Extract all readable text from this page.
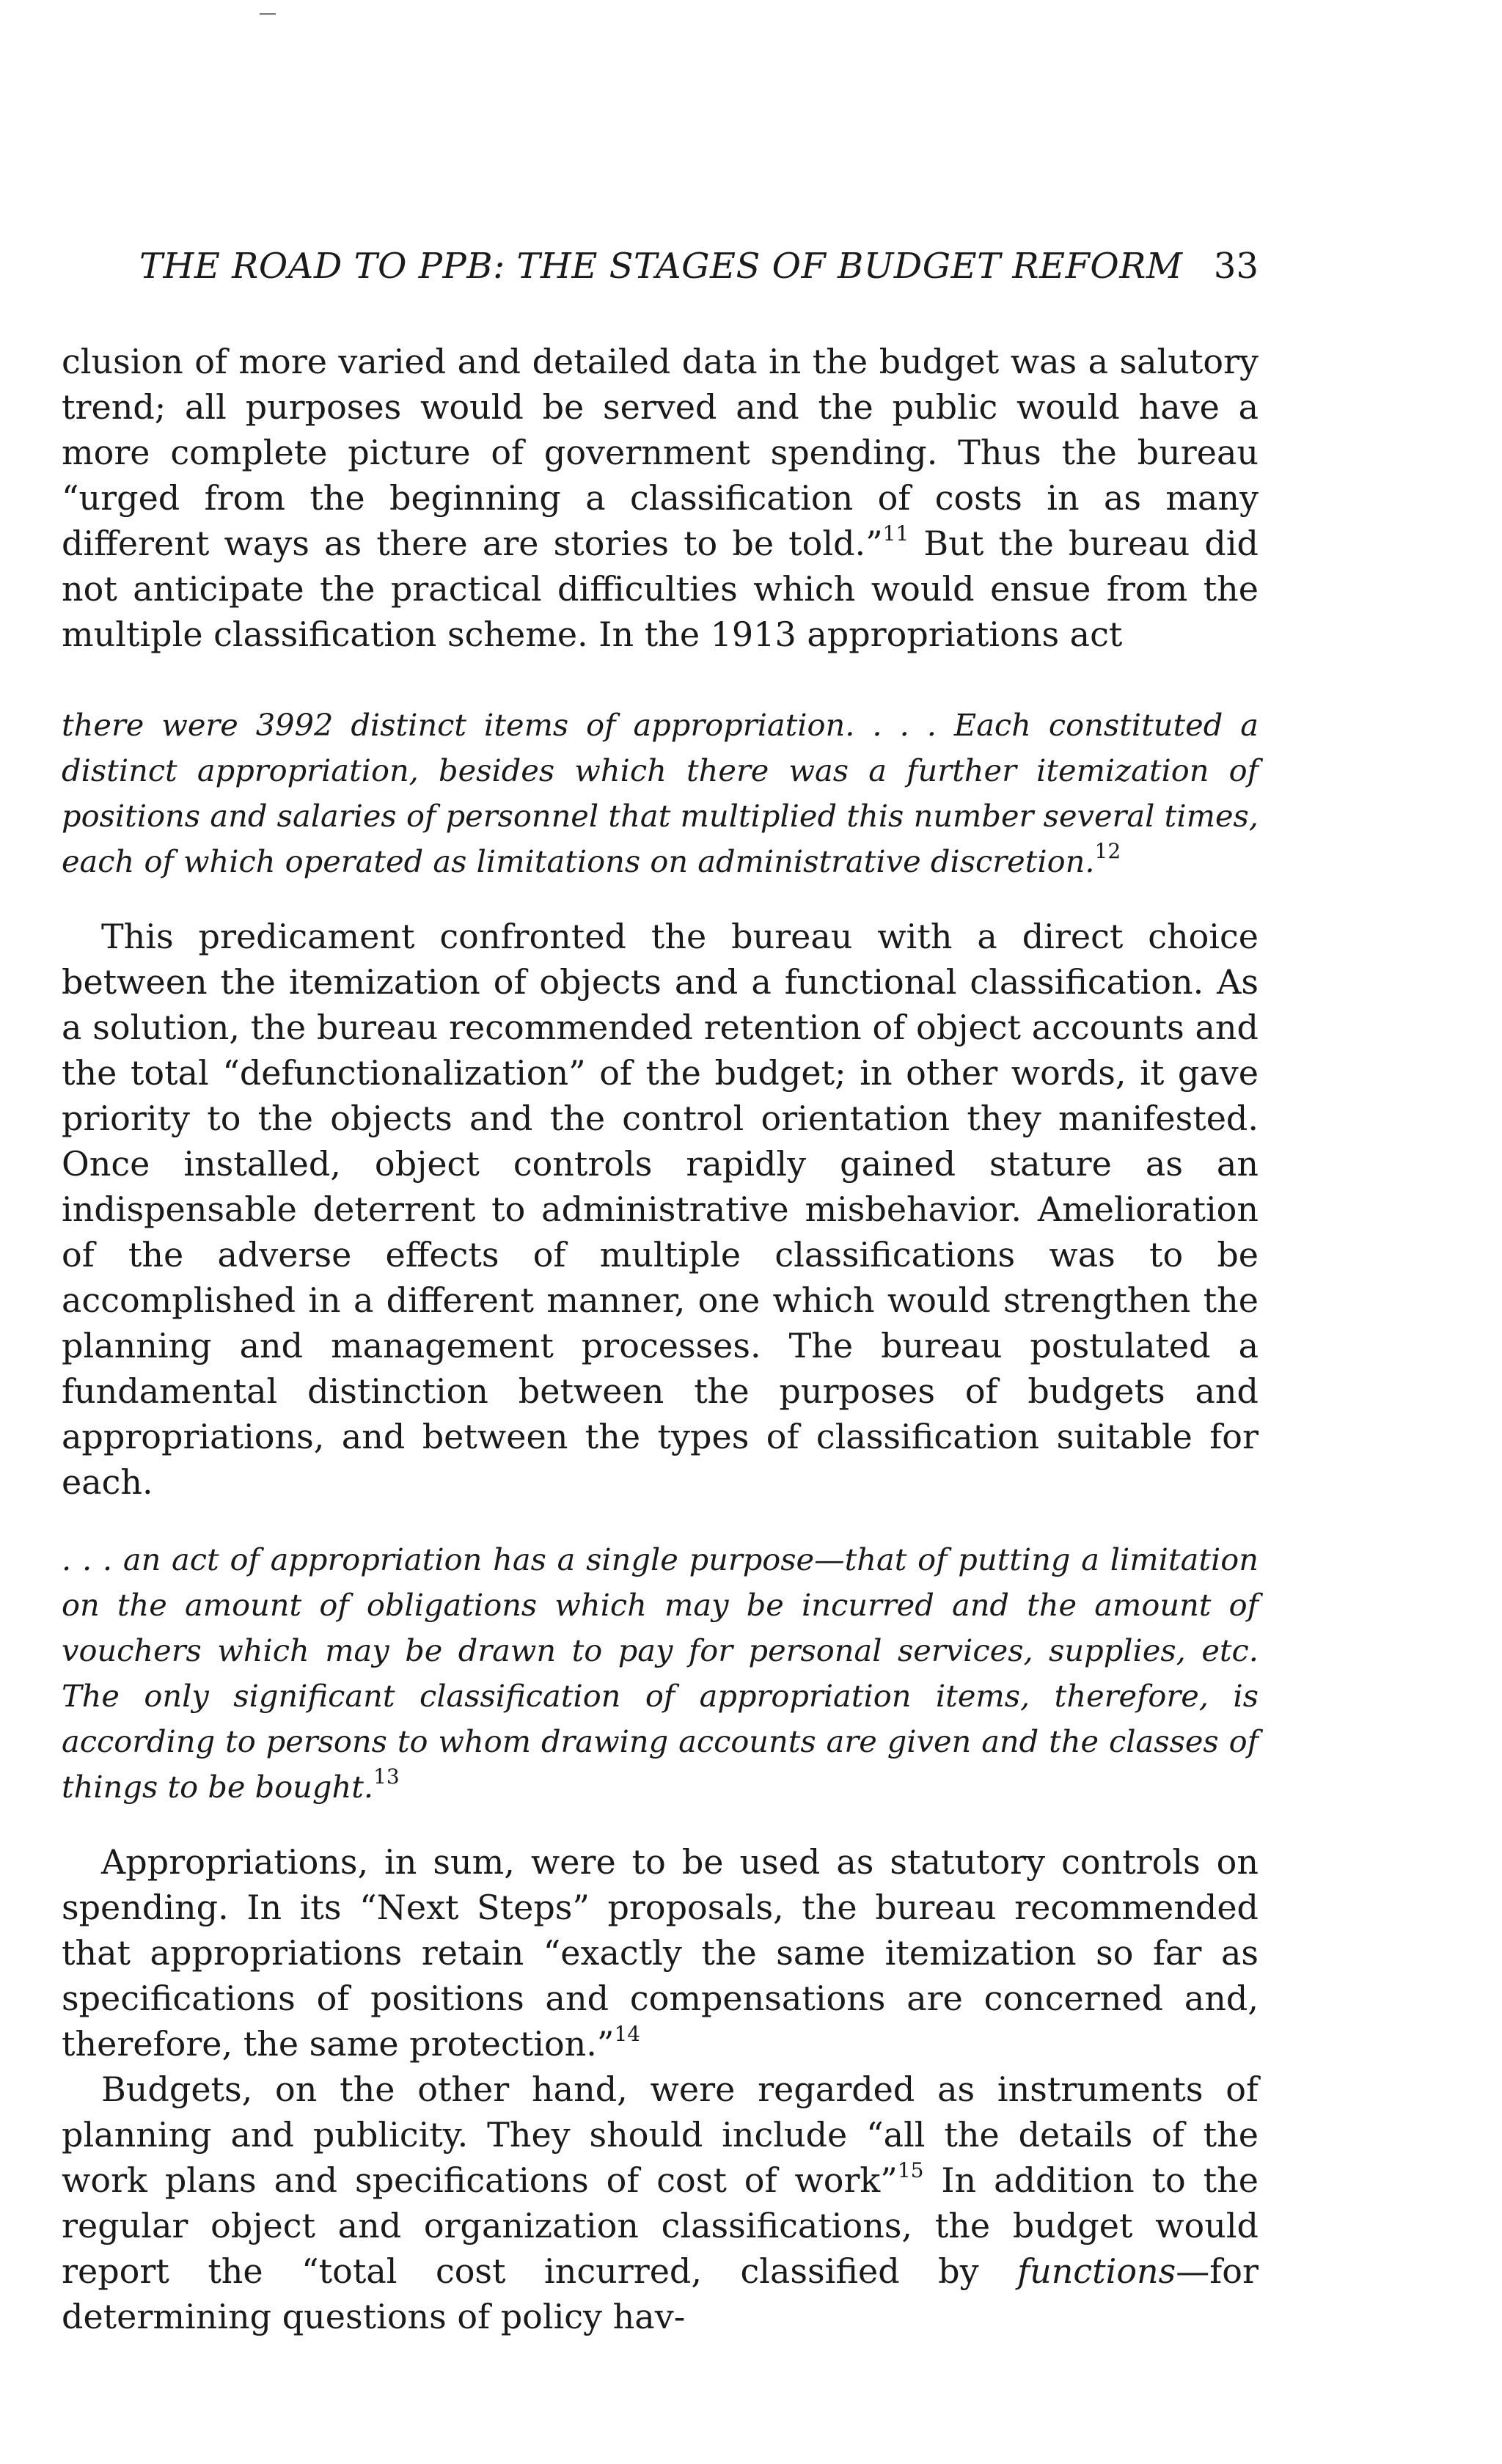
THE ROAD TO PPB: THE STAGES OF BUDGET REFORM 33

clusion of more varied and detailed data in the budget was a salutory trend; all purposes would be served and the public would have a more complete picture of government spending. Thus the bureau “urged from the beginning a classification of costs in as many different ways as there are stories to be told.”$^{11}$ But the bureau did not anticipate the practical difficulties which would ensue from the multiple classification scheme. In the 1913 appropriations act

there were 3992 distinct items of appropriation. . . . Each constituted a distinct appropriation, besides which there was a further itemization of positions and salaries of personnel that multiplied this number several times, each of which operated as limitations on administrative discretion.$^{12}$

This predicament confronted the bureau with a direct choice between the itemization of objects and a functional classification. As a solution, the bureau recommended retention of object accounts and the total “defunctionalization” of the budget; in other words, it gave priority to the objects and the control orientation they manifested. Once installed, object controls rapidly gained stature as an indispensable deterrent to administrative misbehavior. Amelioration of the adverse effects of multiple classifications was to be accomplished in a different manner, one which would strengthen the planning and management processes. The bureau postulated a fundamental distinction between the purposes of budgets and appropriations, and between the types of classification suitable for each.

. . . an act of appropriation has a single purpose—that of putting a limitation on the amount of obligations which may be incurred and the amount of vouchers which may be drawn to pay for personal services, supplies, etc. The only significant classification of appropriation items, therefore, is according to persons to whom drawing accounts are given and the classes of things to be bought.$^{13}$

Appropriations, in sum, were to be used as statutory controls on spending. In its “Next Steps” proposals, the bureau recommended that appropriations retain “exactly the same itemization so far as specifications of positions and compensations are concerned and, therefore, the same protection.”$^{14}$

Budgets, on the other hand, were regarded as instruments of planning and publicity. They should include “all the details of the work plans and specifications of cost of work”$^{15}$ In addition to the regular object and organization classifications, the budget would report the “total cost incurred, classified by functions—for determining questions of policy hav-
